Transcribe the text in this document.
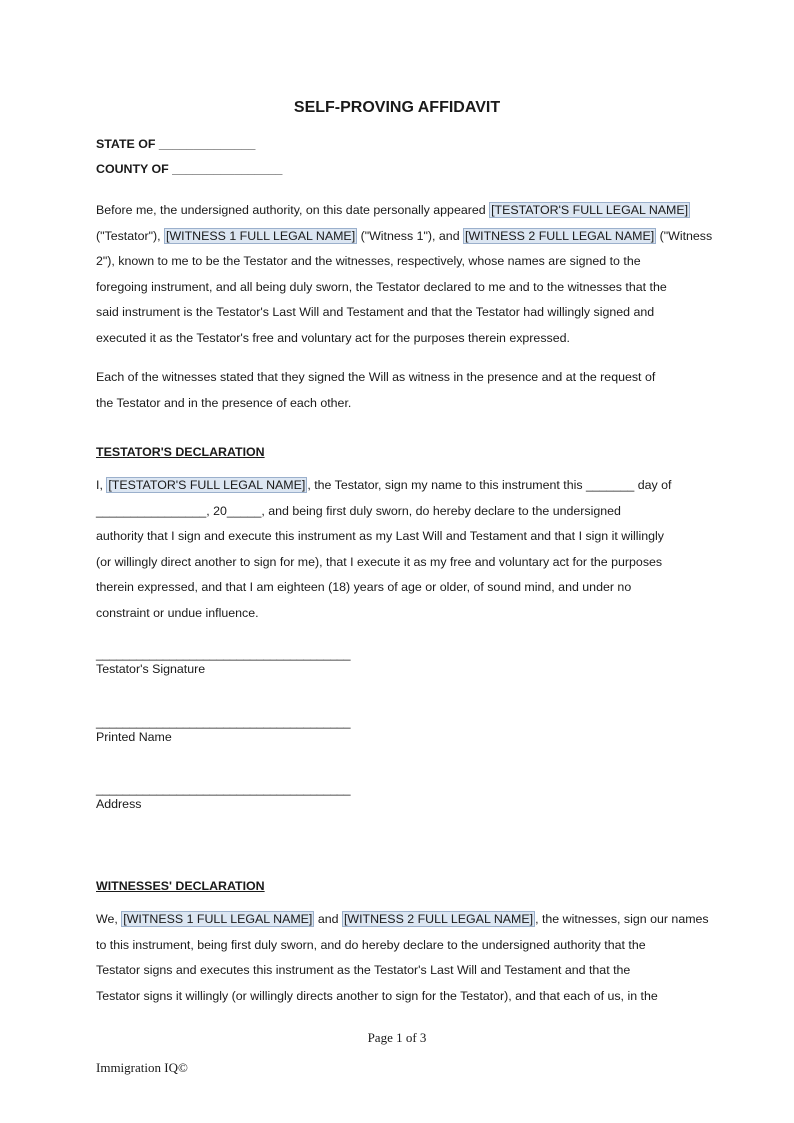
SELF-PROVING AFFIDAVIT
STATE OF ______________
COUNTY OF ________________
Before me, the undersigned authority, on this date personally appeared [TESTATOR'S FULL LEGAL NAME]
("Testator"), [WITNESS 1 FULL LEGAL NAME] ("Witness 1"), and [WITNESS 2 FULL LEGAL NAME] ("Witness
2"), known to me to be the Testator and the witnesses, respectively, whose names are signed to the
foregoing instrument, and all being duly sworn, the Testator declared to me and to the witnesses that the
said instrument is the Testator's Last Will and Testament and that the Testator had willingly signed and
executed it as the Testator's free and voluntary act for the purposes therein expressed.
Each of the witnesses stated that they signed the Will as witness in the presence and at the request of
the Testator and in the presence of each other.
TESTATOR'S DECLARATION
I, [TESTATOR'S FULL LEGAL NAME] , the Testator, sign my name to this instrument this _______ day of
________________, 20_____, and being first duly sworn, do hereby declare to the undersigned
authority that I sign and execute this instrument as my Last Will and Testament and that I sign it willingly
(or willingly direct another to sign for me), that I execute it as my free and voluntary act for the purposes
therein expressed, and that I am eighteen (18) years of age or older, of sound mind, and under no
constraint or undue influence.
______________________________________
Testator's Signature
______________________________________
Printed Name
______________________________________
Address
WITNESSES' DECLARATION
We, [WITNESS 1 FULL LEGAL NAME] and [WITNESS 2 FULL LEGAL NAME] , the witnesses, sign our names
to this instrument, being first duly sworn, and do hereby declare to the undersigned authority that the
Testator signs and executes this instrument as the Testator's Last Will and Testament and that the
Testator signs it willingly (or willingly directs another to sign for the Testator), and that each of us, in the
Page 1 of 3
Immigration IQ©
